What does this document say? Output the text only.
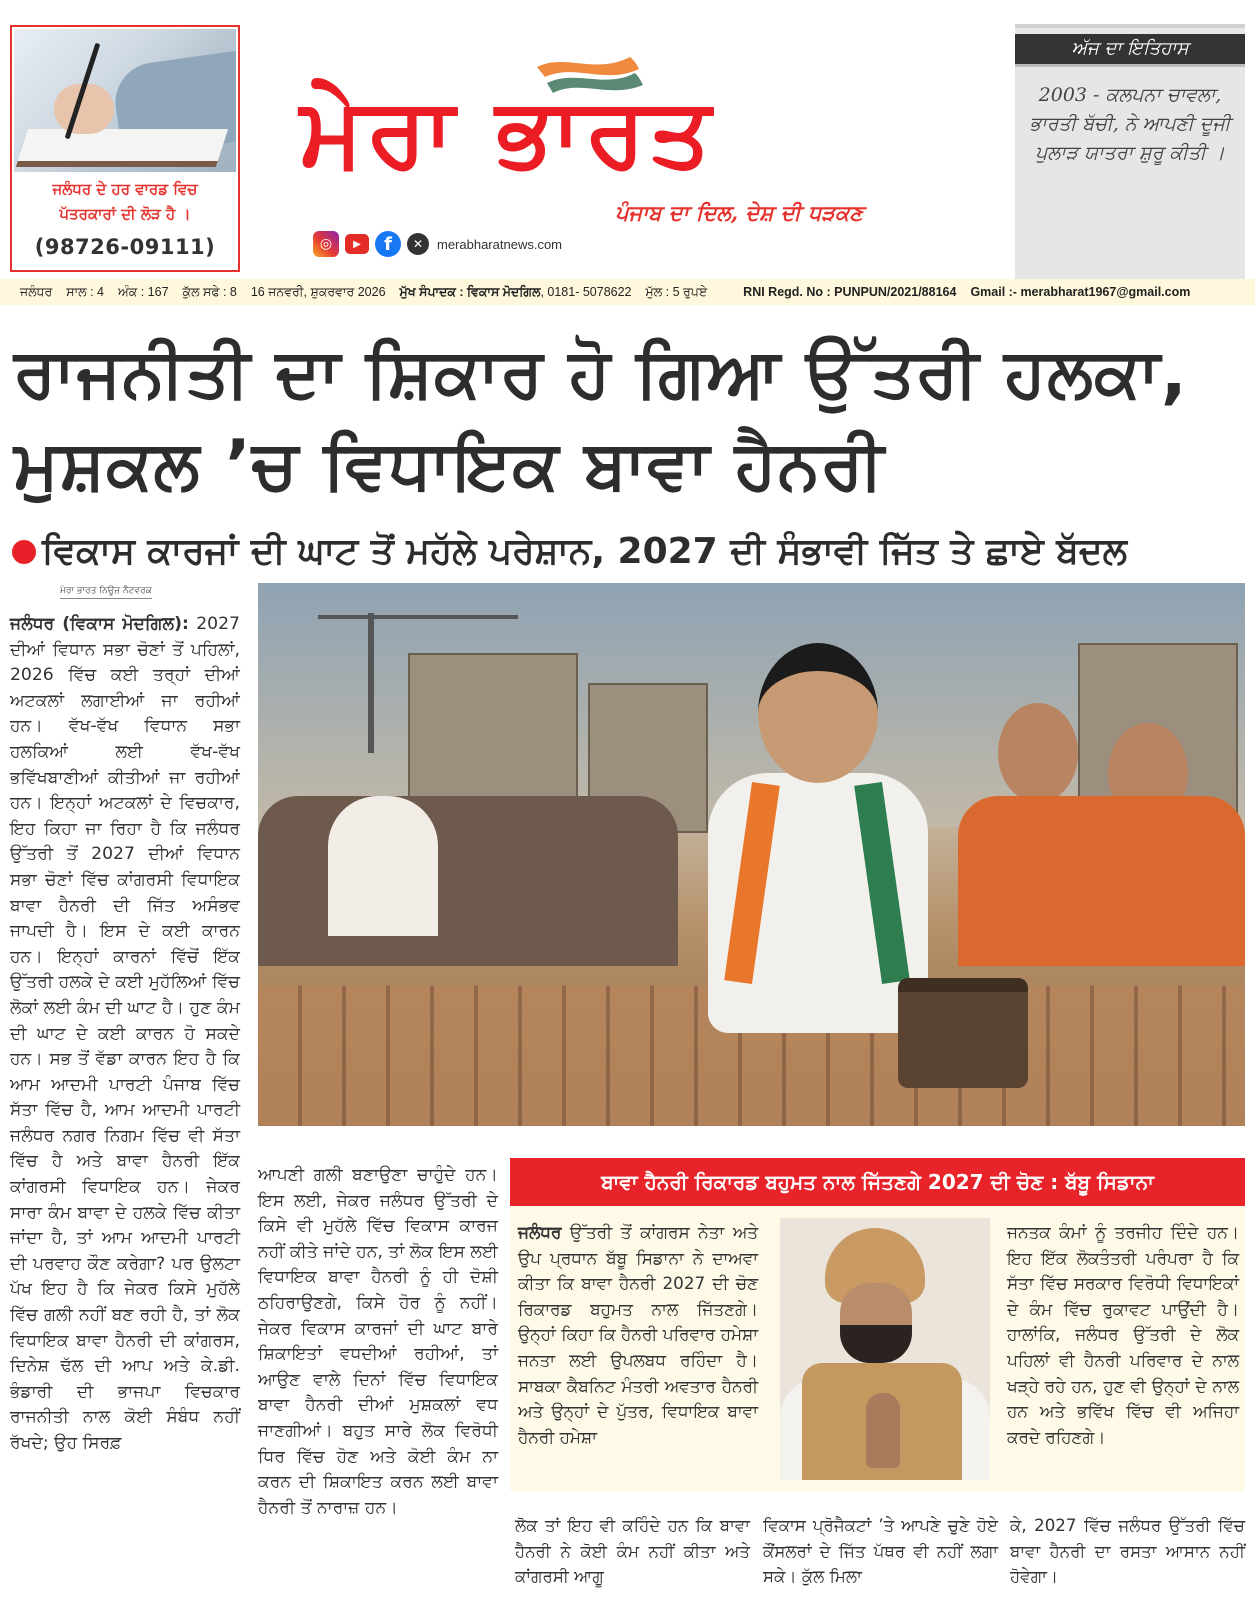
ਜਲੰਧਰ ਦੇ ਹਰ ਵਾਰਡ ਵਿਚ
ਪੱਤਰਕਾਰਾਂ ਦੀ ਲੋੜ ਹੈ ।
(98726-09111)
ਮੇਰਾ ਭਾਰਤ
ਪੰਜਾਬ ਦਾ ਦਿਲ, ਦੇਸ਼ ਦੀ ਧੜਕਣ
◎	▶	f	✕	merabharatnews.com
ਅੱਜ ਦਾ ਇਤਿਹਾਸ
2003 - ਕਲਪਨਾ ਚਾਵਲਾ, ਭਾਰਤੀ ਬੱਚੀ, ਨੇ ਆਪਣੀ ਦੂਜੀ ਪੁਲਾੜ ਯਾਤਰਾ ਸ਼ੁਰੂ ਕੀਤੀ ।
ਜਲੰਧਰ ਸਾਲ : 4 ਅੰਕ : 167 ਕੁੱਲ ਸਫੇ : 8 16 ਜਨਵਰੀ, ਸ਼ੁਕਰਵਾਰ 2026 ਮੁੱਖ ਸੰਪਾਦਕ : ਵਿਕਾਸ ਮੋਦਗਿਲ , 0181- 5078622 ਮੁੱਲ : 5 ਰੁਪਏ	RNI Regd. No : PUNPUN/2021/88164 Gmail :- merabharat1967@gmail.com
ਰਾਜਨੀਤੀ ਦਾ ਸ਼ਿਕਾਰ ਹੋ ਗਿਆ ਉੱਤਰੀ ਹਲਕਾ, ਮੁਸ਼ਕਲ ’ਚ ਵਿਧਾਇਕ ਬਾਵਾ ਹੈਨਰੀ
ਵਿਕਾਸ ਕਾਰਜਾਂ ਦੀ ਘਾਟ ਤੋਂ ਮਹੱਲੇ ਪਰੇਸ਼ਾਨ, 2027 ਦੀ ਸੰਭਾਵੀ ਜਿੱਤ ਤੇ ਛਾਏ ਬੱਦਲ
ਮੇਰਾ ਭਾਰਤ ਨਿਊਜ਼ ਨੈਟਵਰਕ
ਜਲੰਧਰ (ਵਿਕਾਸ ਮੋਦਗਿਲ): 2027 ਦੀਆਂ ਵਿਧਾਨ ਸਭਾ ਚੋਣਾਂ ਤੋਂ ਪਹਿਲਾਂ, 2026 ਵਿੱਚ ਕਈ ਤਰ੍ਹਾਂ ਦੀਆਂ ਅਟਕਲਾਂ ਲਗਾਈਆਂ ਜਾ ਰਹੀਆਂ ਹਨ। ਵੱਖ-ਵੱਖ ਵਿਧਾਨ ਸਭਾ ਹਲਕਿਆਂ ਲਈ ਵੱਖ-ਵੱਖ ਭਵਿੱਖਬਾਣੀਆਂ ਕੀਤੀਆਂ ਜਾ ਰਹੀਆਂ ਹਨ। ਇਨ੍ਹਾਂ ਅਟਕਲਾਂ ਦੇ ਵਿਚਕਾਰ, ਇਹ ਕਿਹਾ ਜਾ ਰਿਹਾ ਹੈ ਕਿ ਜਲੰਧਰ ਉੱਤਰੀ ਤੋਂ 2027 ਦੀਆਂ ਵਿਧਾਨ ਸਭਾ ਚੋਣਾਂ ਵਿੱਚ ਕਾਂਗਰਸੀ ਵਿਧਾਇਕ ਬਾਵਾ ਹੈਨਰੀ ਦੀ ਜਿੱਤ ਅਸੰਭਵ ਜਾਪਦੀ ਹੈ। ਇਸ ਦੇ ਕਈ ਕਾਰਨ ਹਨ। ਇਨ੍ਹਾਂ ਕਾਰਨਾਂ ਵਿੱਚੋਂ ਇੱਕ ਉੱਤਰੀ ਹਲਕੇ ਦੇ ਕਈ ਮੁਹੱਲਿਆਂ ਵਿੱਚ ਲੋਕਾਂ ਲਈ ਕੰਮ ਦੀ ਘਾਟ ਹੈ। ਹੁਣ ਕੰਮ ਦੀ ਘਾਟ ਦੇ ਕਈ ਕਾਰਨ ਹੋ ਸਕਦੇ ਹਨ। ਸਭ ਤੋਂ ਵੱਡਾ ਕਾਰਨ ਇਹ ਹੈ ਕਿ ਆਮ ਆਦਮੀ ਪਾਰਟੀ ਪੰਜਾਬ ਵਿੱਚ ਸੱਤਾ ਵਿੱਚ ਹੈ, ਆਮ ਆਦਮੀ ਪਾਰਟੀ ਜਲੰਧਰ ਨਗਰ ਨਿਗਮ ਵਿੱਚ ਵੀ ਸੱਤਾ ਵਿੱਚ ਹੈ ਅਤੇ ਬਾਵਾ ਹੈਨਰੀ ਇੱਕ ਕਾਂਗਰਸੀ ਵਿਧਾਇਕ ਹਨ। ਜੇਕਰ ਸਾਰਾ ਕੰਮ ਬਾਵਾ ਦੇ ਹਲਕੇ ਵਿੱਚ ਕੀਤਾ ਜਾਂਦਾ ਹੈ, ਤਾਂ ਆਮ ਆਦਮੀ ਪਾਰਟੀ ਦੀ ਪਰਵਾਹ ਕੌਣ ਕਰੇਗਾ? ਪਰ ਉਲਟਾ ਪੱਖ ਇਹ ਹੈ ਕਿ ਜੇਕਰ ਕਿਸੇ ਮੁਹੱਲੇ ਵਿੱਚ ਗਲੀ ਨਹੀਂ ਬਣ ਰਹੀ ਹੈ, ਤਾਂ ਲੋਕ ਵਿਧਾਇਕ ਬਾਵਾ ਹੈਨਰੀ ਦੀ ਕਾਂਗਰਸ, ਦਿਨੇਸ਼ ਢੱਲ ਦੀ ਆਪ ਅਤੇ ਕੇ.ਡੀ. ਭੰਡਾਰੀ ਦੀ ਭਾਜਪਾ ਵਿਚਕਾਰ ਰਾਜਨੀਤੀ ਨਾਲ ਕੋਈ ਸੰਬੰਧ ਨਹੀਂ ਰੱਖਦੇ; ਉਹ ਸਿਰਫ਼
ਆਪਣੀ ਗਲੀ ਬਣਾਉਣਾ ਚਾਹੁੰਦੇ ਹਨ। ਇਸ ਲਈ, ਜੇਕਰ ਜਲੰਧਰ ਉੱਤਰੀ ਦੇ ਕਿਸੇ ਵੀ ਮੁਹੱਲੇ ਵਿੱਚ ਵਿਕਾਸ ਕਾਰਜ ਨਹੀਂ ਕੀਤੇ ਜਾਂਦੇ ਹਨ, ਤਾਂ ਲੋਕ ਇਸ ਲਈ ਵਿਧਾਇਕ ਬਾਵਾ ਹੈਨਰੀ ਨੂੰ ਹੀ ਦੋਸ਼ੀ ਠਹਿਰਾਉਣਗੇ, ਕਿਸੇ ਹੋਰ ਨੂੰ ਨਹੀਂ। ਜੇਕਰ ਵਿਕਾਸ ਕਾਰਜਾਂ ਦੀ ਘਾਟ ਬਾਰੇ ਸ਼ਿਕਾਇਤਾਂ ਵਧਦੀਆਂ ਰਹੀਆਂ, ਤਾਂ ਆਉਣ ਵਾਲੇ ਦਿਨਾਂ ਵਿੱਚ ਵਿਧਾਇਕ ਬਾਵਾ ਹੈਨਰੀ ਦੀਆਂ ਮੁਸ਼ਕਲਾਂ ਵਧ ਜਾਣਗੀਆਂ। ਬਹੁਤ ਸਾਰੇ ਲੋਕ ਵਿਰੋਧੀ ਧਿਰ ਵਿੱਚ ਹੋਣ ਅਤੇ ਕੋਈ ਕੰਮ ਨਾ ਕਰਨ ਦੀ ਸ਼ਿਕਾਇਤ ਕਰਨ ਲਈ ਬਾਵਾ ਹੈਨਰੀ ਤੋਂ ਨਾਰਾਜ਼ ਹਨ।
ਬਾਵਾ ਹੈਨਰੀ ਰਿਕਾਰਡ ਬਹੁਮਤ ਨਾਲ ਜਿੱਤਣਗੇ 2027 ਦੀ ਚੋਣ : ਬੱਬੂ ਸਿਡਾਨਾ
ਜਲੰਧਰ ਉੱਤਰੀ ਤੋਂ ਕਾਂਗਰਸ ਨੇਤਾ ਅਤੇ ਉਪ ਪ੍ਰਧਾਨ ਬੱਬੂ ਸਿਡਾਨਾ ਨੇ ਦਾਅਵਾ ਕੀਤਾ ਕਿ ਬਾਵਾ ਹੈਨਰੀ 2027 ਦੀ ਚੋਣ ਰਿਕਾਰਡ ਬਹੁਮਤ ਨਾਲ ਜਿੱਤਣਗੇ। ਉਨ੍ਹਾਂ ਕਿਹਾ ਕਿ ਹੈਨਰੀ ਪਰਿਵਾਰ ਹਮੇਸ਼ਾ ਜਨਤਾ ਲਈ ਉਪਲਬਧ ਰਹਿੰਦਾ ਹੈ। ਸਾਬਕਾ ਕੈਬਨਿਟ ਮੰਤਰੀ ਅਵਤਾਰ ਹੈਨਰੀ ਅਤੇ ਉਨ੍ਹਾਂ ਦੇ ਪੁੱਤਰ, ਵਿਧਾਇਕ ਬਾਵਾ ਹੈਨਰੀ ਹਮੇਸ਼ਾ
ਜਨਤਕ ਕੰਮਾਂ ਨੂੰ ਤਰਜੀਹ ਦਿੰਦੇ ਹਨ। ਇਹ ਇੱਕ ਲੋਕਤੰਤਰੀ ਪਰੰਪਰਾ ਹੈ ਕਿ ਸੱਤਾ ਵਿੱਚ ਸਰਕਾਰ ਵਿਰੋਧੀ ਵਿਧਾਇਕਾਂ ਦੇ ਕੰਮ ਵਿੱਚ ਰੁਕਾਵਟ ਪਾਉਂਦੀ ਹੈ। ਹਾਲਾਂਕਿ, ਜਲੰਧਰ ਉੱਤਰੀ ਦੇ ਲੋਕ ਪਹਿਲਾਂ ਵੀ ਹੈਨਰੀ ਪਰਿਵਾਰ ਦੇ ਨਾਲ ਖੜ੍ਹੇ ਰਹੇ ਹਨ, ਹੁਣ ਵੀ ਉਨ੍ਹਾਂ ਦੇ ਨਾਲ ਹਨ ਅਤੇ ਭਵਿੱਖ ਵਿੱਚ ਵੀ ਅਜਿਹਾ ਕਰਦੇ ਰਹਿਣਗੇ।
ਲੋਕ ਤਾਂ ਇਹ ਵੀ ਕਹਿੰਦੇ ਹਨ ਕਿ ਬਾਵਾ ਹੈਨਰੀ ਨੇ ਕੋਈ ਕੰਮ ਨਹੀਂ ਕੀਤਾ ਅਤੇ ਕਾਂਗਰਸੀ ਆਗੂ
ਵਿਕਾਸ ਪ੍ਰੋਜੈਕਟਾਂ ’ਤੇ ਆਪਣੇ ਚੁਣੇ ਹੋਏ ਕੌਂਸਲਰਾਂ ਦੇ ਜਿੱਤ ਪੱਥਰ ਵੀ ਨਹੀਂ ਲਗਾ ਸਕੇ। ਕੁੱਲ ਮਿਲਾ
ਕੇ, 2027 ਵਿੱਚ ਜਲੰਧਰ ਉੱਤਰੀ ਵਿੱਚ ਬਾਵਾ ਹੈਨਰੀ ਦਾ ਰਸਤਾ ਆਸਾਨ ਨਹੀਂ ਹੋਵੇਗਾ।
